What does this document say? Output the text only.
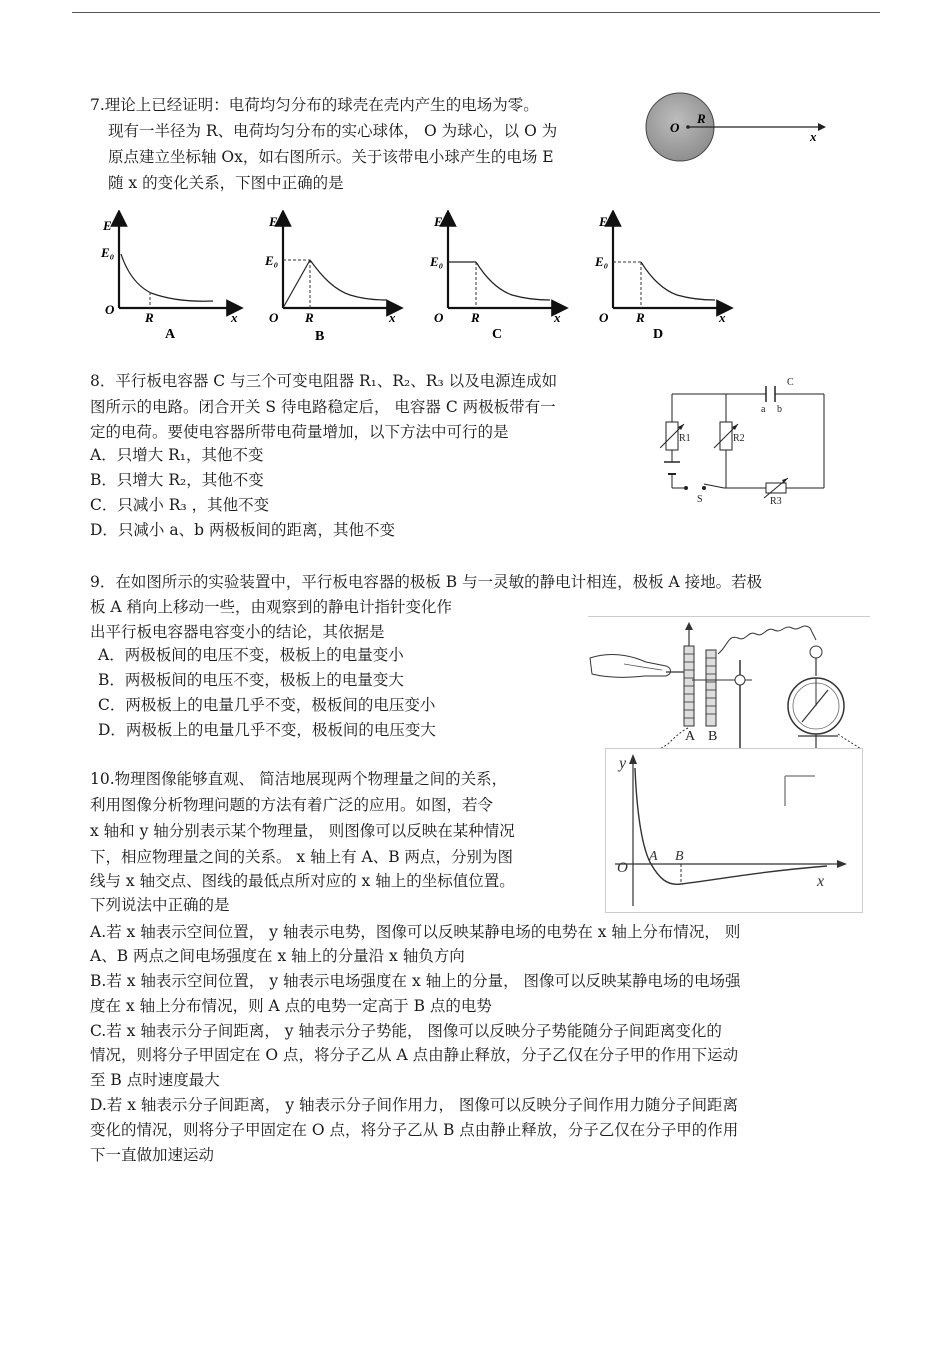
7.理论上已经证明：电荷均匀分布的球壳在壳内产生的电场为零。
现有一半径为 R、电荷均匀分布的实心球体， O 为球心，以 O 为
原点建立坐标轴 Ox，如右图所示。关于该带电小球产生的电场 E
随 x 的变化关系，下图中正确的是
O
R
x
E
E₀
O
R	x
A
E
E₀
O R	x
B
E
E₀
O R	x
C
E
E₀
O R	x
D
8．平行板电容器 C 与三个可变电阻器 R₁、R₂、R₃ 以及电源连成如
图所示的电路。闭合开关 S 待电路稳定后， 电容器 C 两极板带有一
定的电荷。要使电容器所带电荷量增加，以下方法中可行的是
A．只增大 R₁，其他不变
B．只增大 R₂，其他不变
C．只减小 R₃ ，其他不变
D．只减小 a、b 两极板间的距离，其他不变
C
a b
R1	R2
R3
S
9．在如图所示的实验装置中，平行板电容器的极板 B 与一灵敏的静电计相连，极板 A 接地。若极
板 A 稍向上移动一些，由观察到的静电计指针变化作
出平行板电容器电容变小的结论，其依据是
A．两极板间的电压不变，极板上的电量变小
B．两极板间的电压不变，极板上的电量变大
C．两极板上的电量几乎不变，极板间的电压变小
D．两极板上的电量几乎不变，极板间的电压变大	A B
10.物理图像能够直观、 简洁地展现两个物理量之间的关系，
利用图像分析物理问题的方法有着广泛的应用。如图，若令
x 轴和 y 轴分别表示某个物理量， 则图像可以反映在某种情况
下，相应物理量之间的关系。 x 轴上有 A、B 两点，分别为图
线与 x 轴交点、图线的最低点所对应的 x 轴上的坐标值位置。
下列说法中正确的是
A.若 x 轴表示空间位置， y 轴表示电势，图像可以反映某静电场的电势在 x 轴上分布情况， 则
A、B 两点之间电场强度在 x 轴上的分量沿 x 轴负方向
B.若 x 轴表示空间位置， y 轴表示电场强度在 x 轴上的分量， 图像可以反映某静电场的电场强
度在 x 轴上分布情况，则 A 点的电势一定高于 B 点的电势
C.若 x 轴表示分子间距离， y 轴表示分子势能， 图像可以反映分子势能随分子间距离变化的
情况，则将分子甲固定在 O 点，将分子乙从 A 点由静止释放，分子乙仅在分子甲的作用下运动
至 B 点时速度最大
D.若 x 轴表示分子间距离， y 轴表示分子间作用力， 图像可以反映分子间作用力随分子间距离
变化的情况，则将分子甲固定在 O 点，将分子乙从 B 点由静止释放，分子乙仅在分子甲的作用
下一直做加速运动
y
O
A B
x
